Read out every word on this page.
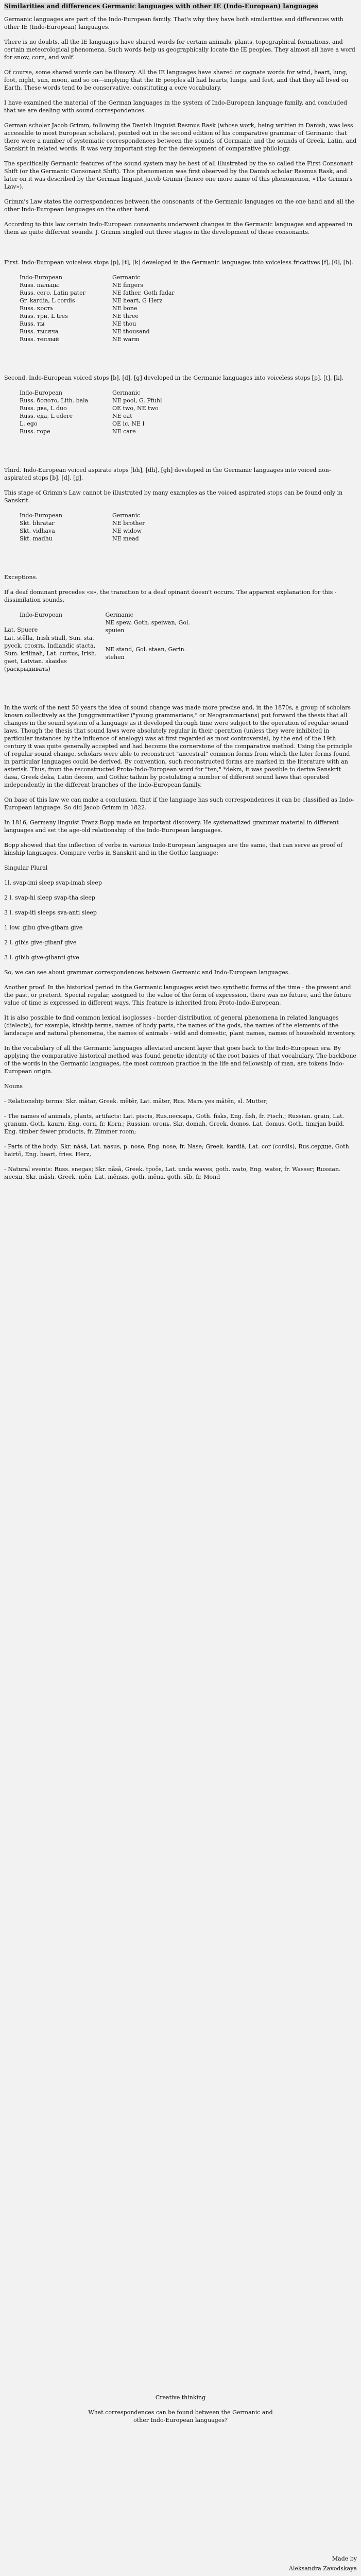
Similarities and differences Germanic languages with other IE (Indo-European) languages

Germanic languages are part of the Indo-European family. That's why they have both similarities and differences with other IE (Indo-European) languages.

There is no doubts, all the IE languages have shared words for certain animals, plants, topographical formations, and certain meteorological phenomena. Such words help us geographically locate the IE peoples. They almost all have a word for snow, corn, and wolf.

Of course, some shared words can be illusory. All the IE languages have shared or cognate words for wind, heart, lung, foot, night, sun, moon, and so on—implying that the IE peoples all had hearts, lungs, and feet, and that they all lived on Earth. These words tend to be conservative, constituting a core vocabulary.

I have examined the material of the German languages in the system of Indo-European language family, and concluded that we are dealing with sound correspondences.

German scholar Jacob Grimm, following the Danish linguist Rasmus Rask (whose work, being written in Danish, was less accessible to most European scholars), pointed out in the second edition of his comparative grammar of Germanic that there were a number of systematic correspondences between the sounds of Germanic and the sounds of Greek, Latin, and Sanskrit in related words. It was very important step for the development of comparative philology.

The specifically Germanic features of the sound system may be best of all illustrated by the so called the First Consonant Shift (or the Germanic Consonant Shift). This phenomenon was first observed by the Danish scholar Rasmus Rask, and later on it was described by the German linguist Jacob Grimm (hence one more name of this phenomenon, «The Grimm's Law»).

Grimm's Law states the correspondences between the consonants of the Germanic languages on the one hand and all the other Indo-European languages on the other hand.

According to this law certain Indo-European consonants underwent changes in the Germanic languages and appeared in them as quite different sounds. J. Grimm singled out three stages in the development of these consonants.

First. Indo-European voiceless stops [p], [t], [k] developed in the Germanic languages into voiceless fricatives [f], [θ], [h].

Indo-European	Germanic
Russ. пальцы	NE fingers
Russ. сего, Latin pater	NE father, Goth fadar
Gr. kardia, L cordis	NE heart, G Herz
Russ. кость	NE bone
Russ. три, L tres	NE three
Russ. ты	NE thou
Russ. тысяча	NE thousand
Russ. теплый	NE warm

Second. Indo-European voiced stops [b], [d], [g] developed in the Germanic languages into voiceless stops [p], [t], [k].

Indo-European	Germanic
Russ. болото, Lith. bala	NE pool, G. Pfuhl
Russ. два, L duo	OE two, NE two
Russ. еда, L edere	NE eat
L. ego	OE ic, NE I
Russ. горе	NE care

Third. Indo-European voiced aspirate stops [bh], [dh], [gh] developed in the Germanic languages into voiced non-aspirated stops [b], [d], [g].

This stage of Grimm's Law cannot be illustrated by many examples as the voiced aspirated stops can be found only in Sanskrit.

Indo-European	Germanic
Skt. bhratar	NE brother
Skt. vidhava	NE widow
Skt. madhu	NE mead

Exceptions.

If a deaf dominant precedes «s», the transition to a deaf opinant doesn't occurs. The apparent explanation for this - dissimilation sounds.

Indo-European	Germanic
Lat. Spuere	NE spew, Goth. speiwan, Gol. spuien
Lat. stēlla, Irish stiall, Sun. sta, pycck. стоять, Indiandic stacta, Sum. krilinah, Lat. curtus, Irish. gaet, Latvian. skaidas (раскрыдивать)	NE stand, Gol. staan, Gerin. stehen

In the work of the next 50 years the idea of sound change was made more precise and, in the 1870s, a group of scholars known collectively as the Junggrammatiker ("young grammarians," or Neogrammarians) put forward the thesis that all changes in the sound system of a language as it developed through time were subject to the operation of regular sound laws. Though the thesis that sound laws were absolutely regular in their operation (unless they were inhibited in particular instances by the influence of analogy) was at first regarded as most controversial, by the end of the 19th century it was quite generally accepted and had become the cornerstone of the comparative method. Using the principle of regular sound change, scholars were able to reconstruct "ancestral" common forms from which the later forms found in particular languages could be derived. By convention, such reconstructed forms are marked in the literature with an asterisk. Thus, from the reconstructed Proto-Indo-European word for "ten," *dekm, it was possible to derive Sanskrit dasa, Greek deka, Latin decem, and Gothic taihun by postulating a number of different sound laws that operated independently in the different branches of the Indo-European family.

On base of this law we can make a conclusion, that if the language has such correspondences it can be classified as Indo-European language. So did Jacob Grimm in 1822.

In 1816, Germany linguist Franz Bopp made an important discovery. He systematized grammar material in different languages and set the age-old relationship of the Indo-European languages.

Bopp showed that the inflection of verbs in various Indo-European languages are the same, that can serve as proof of kinship languages. Compare verbs in Sanskrit and in the Gothic language:

Singular Plural

1l. svap-imi sleep svap-imah sleep

2 l. svap-hi sleep svap-tha sleep

3 l. svap-iti sleeps sva-anti sleep

1 low. gibu give-gibam give

2 l. gibis give-gibanf give

3 l. gibib give-gibanti give

So, we can see about grammar correspondences between Germanic and Indo-European languages.

Another proof. In the historical period in the Germanic languages exist two synthetic forms of the time - the present and the past, or preterit. Special regular, assigned to the value of the form of expression, there was no future, and the future value of time is expressed in different ways. This feature is inherited from Proto-Indo-European.

It is also possible to find common lexical isoglosses - border distribution of general phenomena in related languages (dialects), for example, kinship terms, names of body parts, the names of the gods, the names of the elements of the landscape and natural phenomena, the names of animals - wild and domestic, plant names, names of household inventory.

In the vocabulary of all the Germanic languages alleviated ancient layer that goes back to the Indo-European era. By applying the comparative historical method was found genetic identity of the root basics of that vocabulary. The backbone of the words in the Germanic languages, the most common practice in the life and fellowship of man, are tokens Indo-European origin.

Nouns

- Relationship terms: Skr. mātar, Greek. mētēr, Lat. māter, Rus. Мать yes mātēn, sl. Mutter;

- The names of animals, plants, artifacts: Lat. piscis, Rus.пескарь, Goth. fisks, Eng. fish, fr. Fisch,; Russian. grain, Lat. granum, Goth. kaurn, Eng. corn, fr. Korn,; Russian. огонь, Skr. domah, Greek. domos, Lat. domus, Goth. timrjan build, Eng. timber fewer products, fr. Zimmer room;

- Parts of the body: Skr. nāsā, Lat. nasus, p. nose, Eng. nose, fr. Nase; Greek. kardiā, Lat. cor (cordis), Rus.сердце, Goth. hairtō, Eng. heart, fries. Herz,

- Natural events: Russ. snegas; Skr. nāsā, Greek. tpoōs, Lat. unda waves, goth. wato, Eng. water, fr. Wasser; Russian. месяц, Skr. māsh, Greek. mēn, Lat. mēnsis, goth. mēna, goth. sīb, fr. Mond

Creative thinking

What correspondences can be found between the Germanic and other Indo-European languages?

Made by

Aleksandra Zavodskaya
